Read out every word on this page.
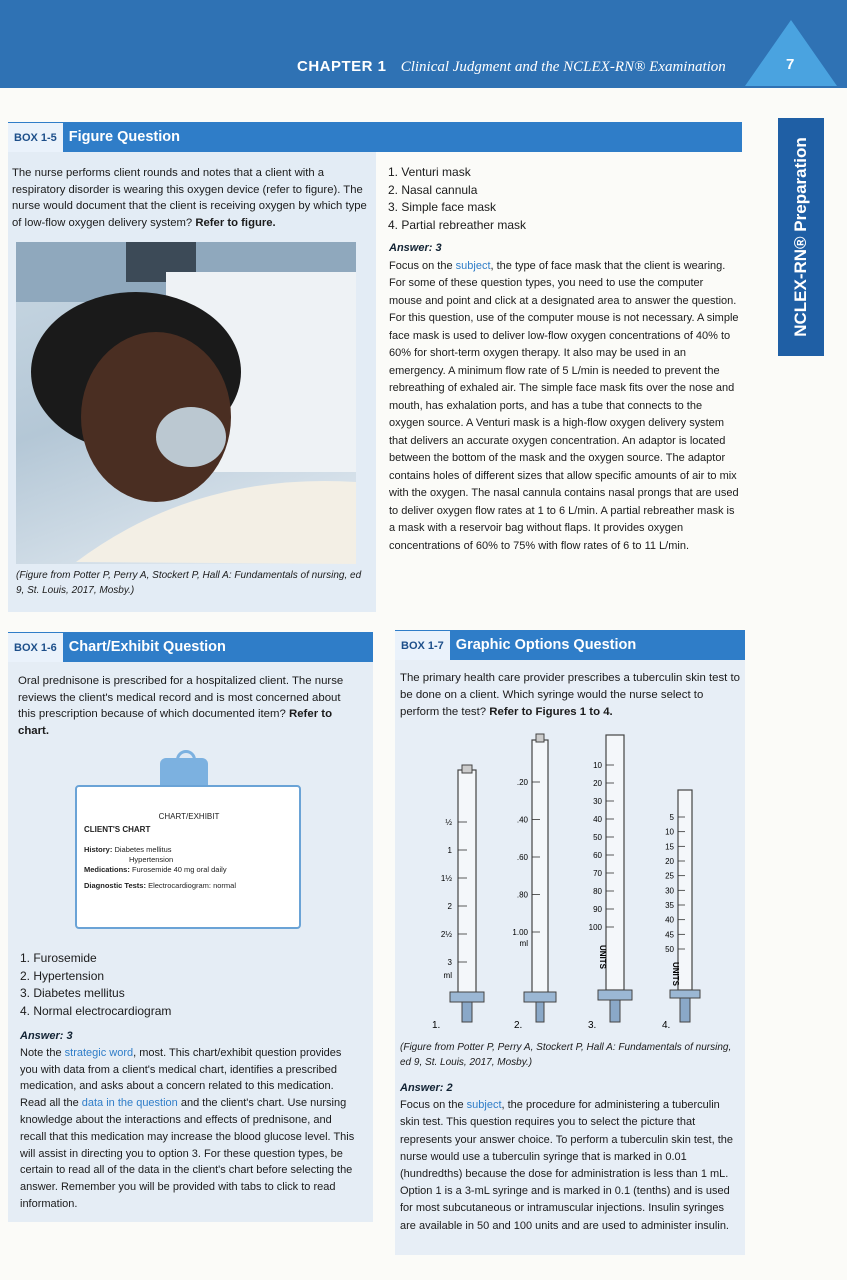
CHAPTER 1 Clinical Judgment and the NCLEX-RN® Examination	7
NCLEX-RN® Preparation
BOX 1-5 Figure Question
The nurse performs client rounds and notes that a client with a respiratory disorder is wearing this oxygen device (refer to figure). The nurse would document that the client is receiving oxygen by which type of low-flow oxygen delivery system? Refer to figure.
(Figure from Potter P, Perry A, Stockert P, Hall A: Fundamentals of nursing, ed 9, St. Louis, 2017, Mosby.)
1. Venturi mask
2. Nasal cannula
3. Simple face mask
4. Partial rebreather mask
Answer: 3
Focus on the subject, the type of face mask that the client is wearing. For some of these question types, you need to use the computer mouse and point and click at a designated area to answer the question. For this question, use of the computer mouse is not necessary. A simple face mask is used to deliver low-flow oxygen concentrations of 40% to 60% for short-term oxygen therapy. It also may be used in an emergency. A minimum flow rate of 5 L/min is needed to prevent the rebreathing of exhaled air. The simple face mask fits over the nose and mouth, has exhalation ports, and has a tube that connects to the oxygen source. A Venturi mask is a high-flow oxygen delivery system that delivers an accurate oxygen concentration. An adaptor is located between the bottom of the mask and the oxygen source. The adaptor contains holes of different sizes that allow specific amounts of air to mix with the oxygen. The nasal cannula contains nasal prongs that are used to deliver oxygen flow rates at 1 to 6 L/min. A partial rebreather mask is a mask with a reservoir bag without flaps. It provides oxygen concentrations of 60% to 75% with flow rates of 6 to 11 L/min.
BOX 1-6 Chart/Exhibit Question
Oral prednisone is prescribed for a hospitalized client. The nurse reviews the client's medical record and is most concerned about this prescription because of which documented item? Refer to chart.
CHART/EXHIBIT
CLIENT'S CHART
History: Diabetes mellitus
Hypertension
Medications: Furosemide 40 mg oral daily
Diagnostic Tests: Electrocardiogram: normal
1. Furosemide
2. Hypertension
3. Diabetes mellitus
4. Normal electrocardiogram
Answer: 3
Note the strategic word, most. This chart/exhibit question provides you with data from a client's medical chart, identifies a prescribed medication, and asks about a concern related to this medication. Read all the data in the question and the client's chart. Use nursing knowledge about the interactions and effects of prednisone, and recall that this medication may increase the blood glucose level. This will assist in directing you to option 3. For these question types, be certain to read all of the data in the client's chart before selecting the answer. Remember you will be provided with tabs to click to read information.
BOX 1-7 Graphic Options Question
The primary health care provider prescribes a tuberculin skin test to be done on a client. Which syringe would the nurse select to perform the test? Refer to Figures 1 to 4.
½
1
1½
2
2½
3
ml
.20
.40
.60
.80
1.00
ml
10
20
30
40
50
60
70
80
90
100
UNITS
5
10
15
20
25
30
35
40
45
50
UNITS
1.	2.	3.	4.
(Figure from Potter P, Perry A, Stockert P, Hall A: Fundamentals of nursing, ed 9, St. Louis, 2017, Mosby.)
Answer: 2
Focus on the subject, the procedure for administering a tuberculin skin test. This question requires you to select the picture that represents your answer choice. To perform a tuberculin skin test, the nurse would use a tuberculin syringe that is marked in 0.01 (hundredths) because the dose for administration is less than 1 mL. Option 1 is a 3-mL syringe and is marked in 0.1 (tenths) and is used for most subcutaneous or intramuscular injections. Insulin syringes are available in 50 and 100 units and are used to administer insulin.
